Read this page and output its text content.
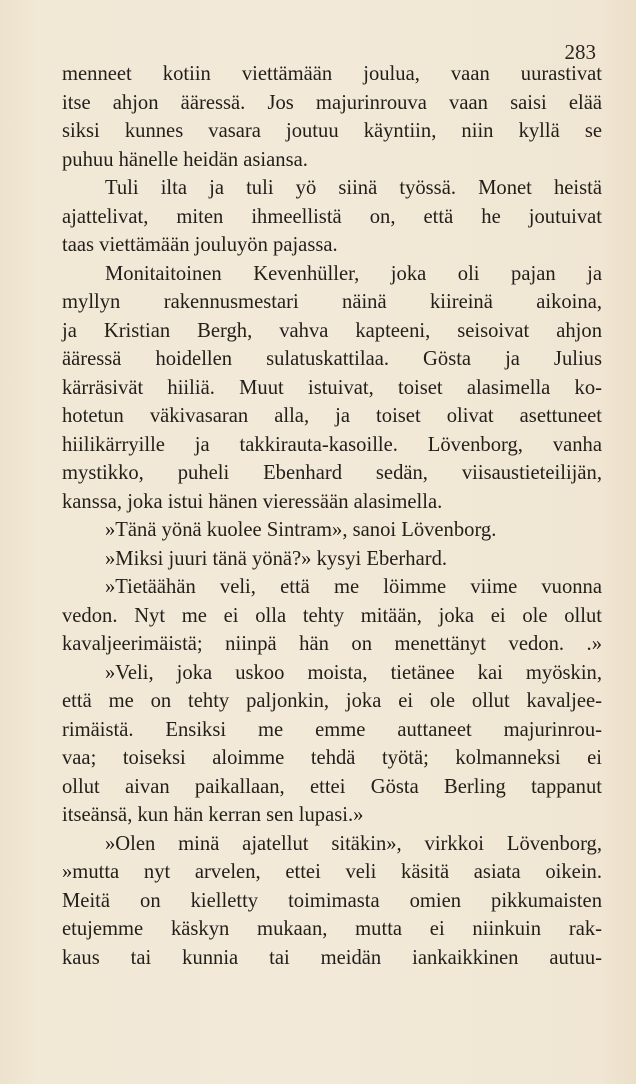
283
menneet kotiin viettämään joulua, vaan uurastivat
itse ahjon ääressä. Jos majurinrouva vaan saisi elää
siksi kunnes vasara joutuu käyntiin, niin kyllä se
puhuu hänelle heidän asiansa.
Tuli ilta ja tuli yö siinä työssä. Monet heistä
ajattelivat, miten ihmeellistä on, että he joutuivat
taas viettämään jouluyön pajassa.
Monitaitoinen Kevenhüller, joka oli pajan ja
myllyn rakennusmestari näinä kiireinä aikoina,
ja Kristian Bergh, vahva kapteeni, seisoivat ahjon
ääressä hoidellen sulatuskattilaa. Gösta ja Julius
kärräsivät hiiliä. Muut istuivat, toiset alasimella ko-
hotetun väkivasaran alla, ja toiset olivat asettuneet
hiilikärryille ja takkirauta-kasoille. Lövenborg, vanha
mystikko, puheli Ebenhard sedän, viisaustieteilijän,
kanssa, joka istui hänen vieressään alasimella.
»Tänä yönä kuolee Sintram», sanoi Lövenborg.
»Miksi juuri tänä yönä?» kysyi Eberhard.
»Tietäähän veli, että me löimme viime vuonna
vedon. Nyt me ei olla tehty mitään, joka ei ole ollut
kavaljeerimäistä; niinpä hän on menettänyt vedon. .»
»Veli, joka uskoo moista, tietänee kai myöskin,
että me on tehty paljonkin, joka ei ole ollut kavaljee-
rimäistä. Ensiksi me emme auttaneet majurinrou-
vaa; toiseksi aloimme tehdä työtä; kolmanneksi ei
ollut aivan paikallaan, ettei Gösta Berling tappanut
itseänsä, kun hän kerran sen lupasi.»
»Olen minä ajatellut sitäkin», virkkoi Lövenborg,
»mutta nyt arvelen, ettei veli käsitä asiata oikein.
Meitä on kielletty toimimasta omien pikkumaisten
etujemme käskyn mukaan, mutta ei niinkuin rak-
kaus tai kunnia tai meidän iankaikkinen autuu-
